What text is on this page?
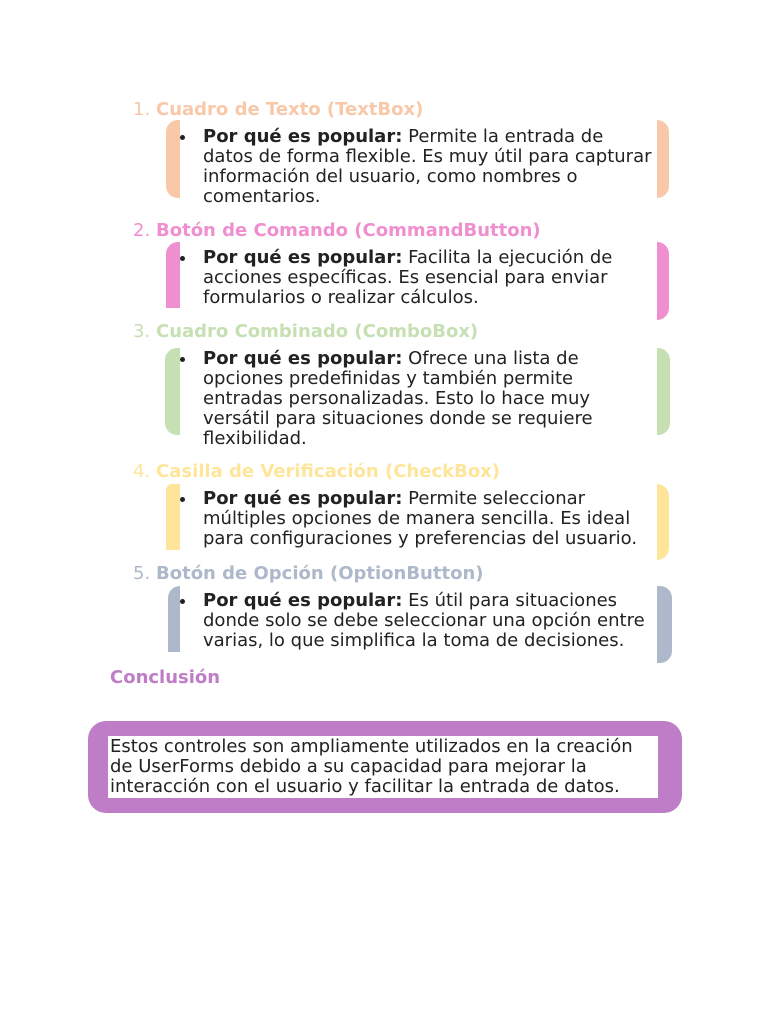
1. Cuadro de Texto (TextBox)

Por qué es popular: Permite la entrada de datos de forma flexible. Es muy útil para capturar información del usuario, como nombres o comentarios.

2. Botón de Comando (CommandButton)

Por qué es popular: Facilita la ejecución de acciones específicas. Es esencial para enviar formularios o realizar cálculos.

3. Cuadro Combinado (ComboBox)

Por qué es popular: Ofrece una lista de opciones predefinidas y también permite entradas personalizadas. Esto lo hace muy versátil para situaciones donde se requiere flexibilidad.

4. Casilla de Verificación (CheckBox)

Por qué es popular: Permite seleccionar múltiples opciones de manera sencilla. Es ideal para configuraciones y preferencias del usuario.

5. Botón de Opción (OptionButton)

Por qué es popular: Es útil para situaciones donde solo se debe seleccionar una opción entre varias, lo que simplifica la toma de decisiones.

Conclusión

Estos controles son ampliamente utilizados en la creación de UserForms debido a su capacidad para mejorar la interacción con el usuario y facilitar la entrada de datos.
